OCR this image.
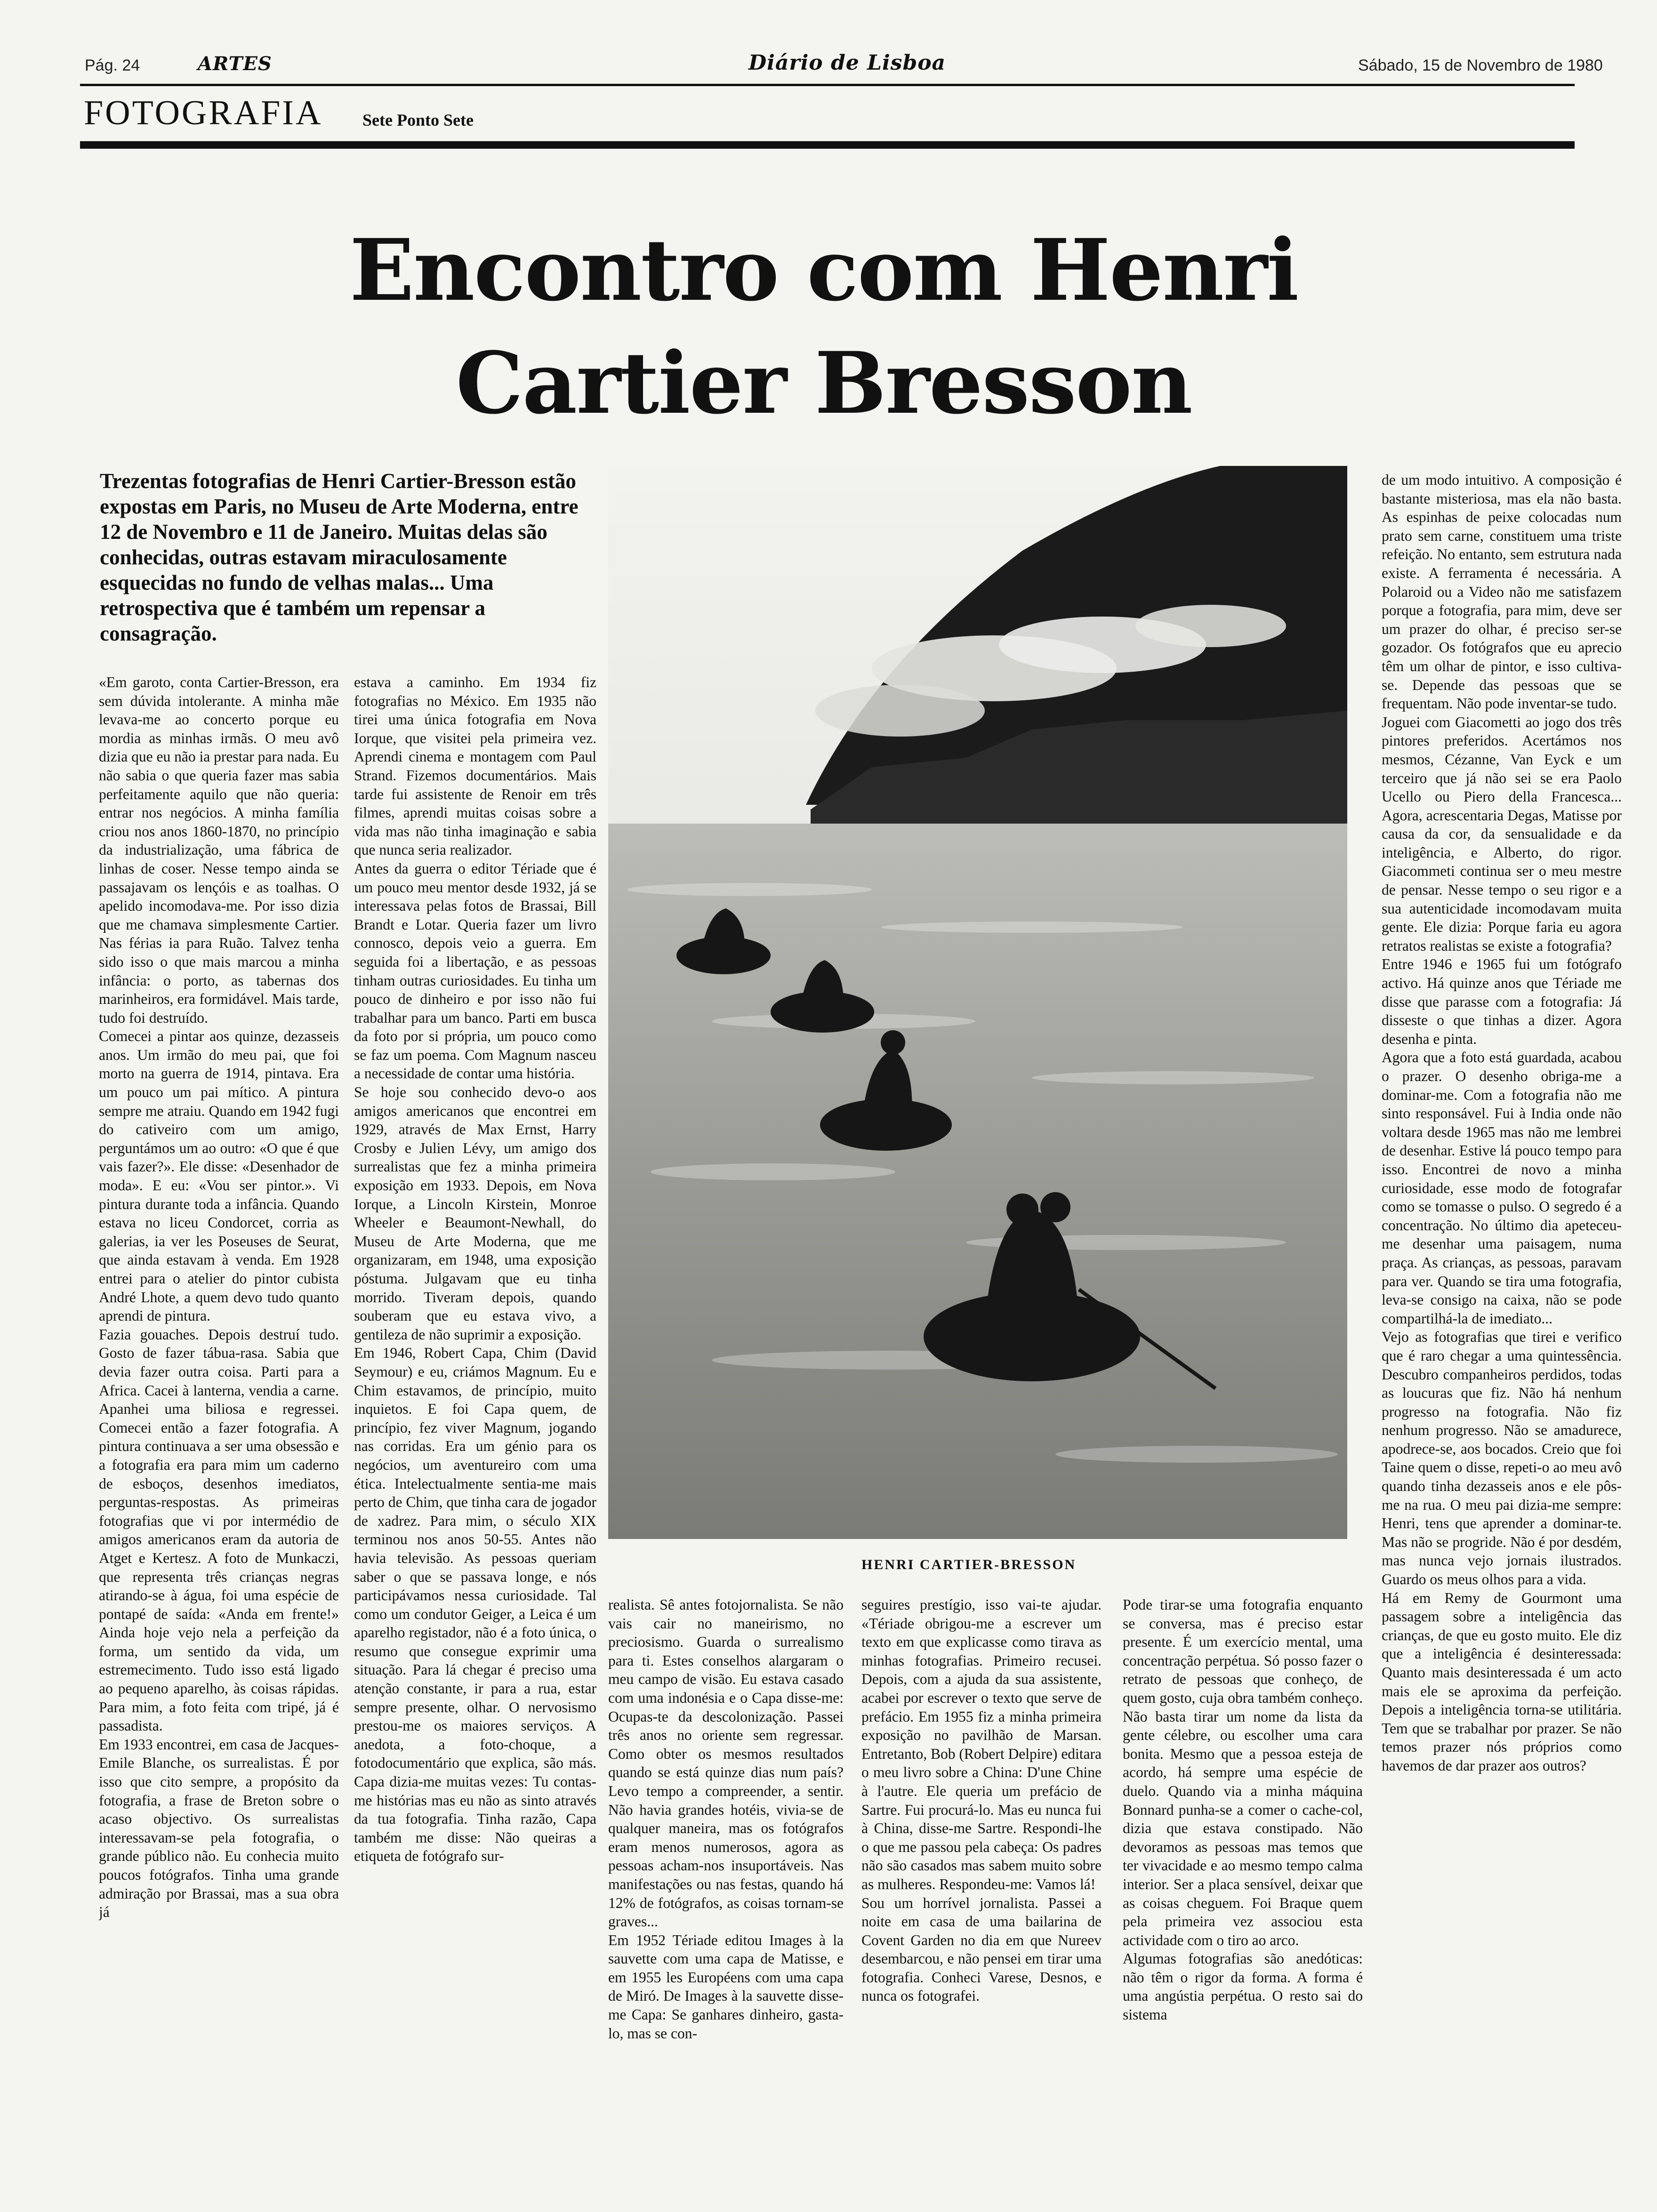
Pág. 24	ARTES	Diário de Lisboa	Sábado, 15 de Novembro de 1980
FOTOGRAFIA Sete Ponto Sete
Encontro com Henri
Cartier Bresson
Trezentas fotografias de Henri Cartier-Bresson estão expostas em Paris, no Museu de Arte Moderna, entre 12 de Novembro e 11 de Janeiro. Muitas delas são conhecidas, outras estavam miraculosamente esquecidas no fundo de velhas malas... Uma retrospectiva que é também um repensar a consagração.
HENRI CARTIER-BRESSON
«Em garoto, conta Cartier-Bresson, era sem dúvida intolerante. A minha mãe levava-me ao concerto porque eu mordia as minhas irmãs. O meu avô dizia que eu não ia prestar para nada. Eu não sabia o que queria fazer mas sabia perfeitamente aquilo que não queria: entrar nos negócios. A minha família criou nos anos 1860-1870, no princípio da industrialização, uma fábrica de linhas de coser. Nesse tempo ainda se passajavam os lençóis e as toalhas. O apelido incomodava-me. Por isso dizia que me chamava simplesmente Cartier. Nas férias ia para Ruão. Talvez tenha sido isso o que mais marcou a minha infância: o porto, as tabernas dos marinheiros, era formidável. Mais tarde, tudo foi destruído.
Comecei a pintar aos quinze, dezasseis anos. Um irmão do meu pai, que foi morto na guerra de 1914, pintava. Era um pouco um pai mítico. A pintura sempre me atraiu. Quando em 1942 fugi do cativeiro com um amigo, perguntámos um ao outro: «O que é que vais fazer?». Ele disse: «Desenhador de moda». E eu: «Vou ser pintor.». Vi pintura durante toda a infância. Quando estava no liceu Condorcet, corria as galerias, ia ver les Poseuses de Seurat, que ainda estavam à venda. Em 1928 entrei para o atelier do pintor cubista André Lhote, a quem devo tudo quanto aprendi de pintura.
Fazia gouaches. Depois destruí tudo. Gosto de fazer tábua-rasa. Sabia que devia fazer outra coisa. Parti para a Africa. Cacei à lanterna, vendia a carne. Apanhei uma biliosa e regressei. Comecei então a fazer fotografia. A pintura continuava a ser uma obsessão e a fotografia era para mim um caderno de esboços, desenhos imediatos, perguntas-respostas. As primeiras fotografias que vi por intermédio de amigos americanos eram da autoria de Atget e Kertesz. A foto de Munkaczi, que representa três crianças negras atirando-se à água, foi uma espécie de pontapé de saída: «Anda em frente!» Ainda hoje vejo nela a perfeição da forma, um sentido da vida, um estremecimento. Tudo isso está ligado ao pequeno aparelho, às coisas rápidas. Para mim, a foto feita com tripé, já é passadista.
Em 1933 encontrei, em casa de Jacques-Emile Blanche, os surrealistas. É por isso que cito sempre, a propósito da fotografia, a frase de Breton sobre o acaso objectivo. Os surrealistas interessavam-se pela fotografia, o grande público não. Eu conhecia muito poucos fotógrafos. Tinha uma grande admiração por Brassai, mas a sua obra já
estava a caminho. Em 1934 fiz fotografias no México. Em 1935 não tirei uma única fotografia em Nova Iorque, que visitei pela primeira vez. Aprendi cinema e montagem com Paul Strand. Fizemos documentários. Mais tarde fui assistente de Renoir em três filmes, aprendi muitas coisas sobre a vida mas não tinha imaginação e sabia que nunca seria realizador.
Antes da guerra o editor Tériade que é um pouco meu mentor desde 1932, já se interessava pelas fotos de Brassai, Bill Brandt e Lotar. Queria fazer um livro connosco, depois veio a guerra. Em seguida foi a libertação, e as pessoas tinham outras curiosidades. Eu tinha um pouco de dinheiro e por isso não fui trabalhar para um banco. Parti em busca da foto por si própria, um pouco como se faz um poema. Com Magnum nasceu a necessidade de contar uma história.
Se hoje sou conhecido devo-o aos amigos americanos que encontrei em 1929, através de Max Ernst, Harry Crosby e Julien Lévy, um amigo dos surrealistas que fez a minha primeira exposição em 1933. Depois, em Nova Iorque, a Lincoln Kirstein, Monroe Wheeler e Beaumont-Newhall, do Museu de Arte Moderna, que me organizaram, em 1948, uma exposição póstuma. Julgavam que eu tinha morrido. Tiveram depois, quando souberam que eu estava vivo, a gentileza de não suprimir a exposição.
Em 1946, Robert Capa, Chim (David Seymour) e eu, criámos Magnum. Eu e Chim estavamos, de princípio, muito inquietos. E foi Capa quem, de princípio, fez viver Magnum, jogando nas corridas. Era um génio para os negócios, um aventureiro com uma ética. Intelectualmente sentia-me mais perto de Chim, que tinha cara de jogador de xadrez. Para mim, o século XIX terminou nos anos 50-55. Antes não havia televisão. As pessoas queriam saber o que se passava longe, e nós participávamos nessa curiosidade. Tal como um condutor Geiger, a Leica é um aparelho registador, não é a foto única, o resumo que consegue exprimir uma situação. Para lá chegar é preciso uma atenção constante, ir para a rua, estar sempre presente, olhar. O nervosismo prestou-me os maiores serviços. A anedota, a foto-choque, a fotodocumentário que explica, são más. Capa dizia-me muitas vezes: Tu contas-me histórias mas eu não as sinto através da tua fotografia. Tinha razão, Capa também me disse: Não queiras a etiqueta de fotógrafo sur-
realista. Sê antes fotojornalista. Se não vais cair no maneirismo, no preciosismo. Guarda o surrealismo para ti. Estes conselhos alargaram o meu campo de visão. Eu estava casado com uma indonésia e o Capa disse-me: Ocupas-te da descolonização. Passei três anos no oriente sem regressar. Como obter os mesmos resultados quando se está quinze dias num país? Levo tempo a compreender, a sentir. Não havia grandes hotéis, vivia-se de qualquer maneira, mas os fotógrafos eram menos numerosos, agora as pessoas acham-nos insuportáveis. Nas manifestações ou nas festas, quando há 12% de fotógrafos, as coisas tornam-se graves...
Em 1952 Tériade editou Images à la sauvette com uma capa de Matisse, e em 1955 les Européens com uma capa de Miró. De Images à la sauvette disse-me Capa: Se ganhares dinheiro, gasta-lo, mas se con-
seguires prestígio, isso vai-te ajudar. «Tériade obrigou-me a escrever um texto em que explicasse como tirava as minhas fotografias. Primeiro recusei. Depois, com a ajuda da sua assistente, acabei por escrever o texto que serve de prefácio. Em 1955 fiz a minha primeira exposição no pavilhão de Marsan. Entretanto, Bob (Robert Delpire) editara o meu livro sobre a China: D'une Chine à l'autre. Ele queria um prefácio de Sartre. Fui procurá-lo. Mas eu nunca fui à China, disse-me Sartre. Respondi-lhe o que me passou pela cabeça: Os padres não são casados mas sabem muito sobre as mulheres. Respondeu-me: Vamos lá!
Sou um horrível jornalista. Passei a noite em casa de uma bailarina de Covent Garden no dia em que Nureev desembarcou, e não pensei em tirar uma fotografia. Conheci Varese, Desnos, e nunca os fotografei.
Pode tirar-se uma fotografia enquanto se conversa, mas é preciso estar presente. É um exercício mental, uma concentração perpétua. Só posso fazer o retrato de pessoas que conheço, de quem gosto, cuja obra também conheço. Não basta tirar um nome da lista da gente célebre, ou escolher uma cara bonita. Mesmo que a pessoa esteja de acordo, há sempre uma espécie de duelo. Quando via a minha máquina Bonnard punha-se a comer o cache-col, dizia que estava constipado. Não devoramos as pessoas mas temos que ter vivacidade e ao mesmo tempo calma interior. Ser a placa sensível, deixar que as coisas cheguem. Foi Braque quem pela primeira vez associou esta actividade com o tiro ao arco.
Algumas fotografias são anedóticas: não têm o rigor da forma. A forma é uma angústia perpétua. O resto sai do sistema
de um modo intuitivo. A composição é bastante misteriosa, mas ela não basta. As espinhas de peixe colocadas num prato sem carne, constituem uma triste refeição. No entanto, sem estrutura nada existe. A ferramenta é necessária. A Polaroid ou a Video não me satisfazem porque a fotografia, para mim, deve ser um prazer do olhar, é preciso ser-se gozador. Os fotógrafos que eu aprecio têm um olhar de pintor, e isso cultiva-se. Depende das pessoas que se frequentam. Não pode inventar-se tudo.
Joguei com Giacometti ao jogo dos três pintores preferidos. Acertámos nos mesmos, Cézanne, Van Eyck e um terceiro que já não sei se era Paolo Ucello ou Piero della Francesca... Agora, acrescentaria Degas, Matisse por causa da cor, da sensualidade e da inteligência, e Alberto, do rigor. Giacommeti continua ser o meu mestre de pensar. Nesse tempo o seu rigor e a sua autenticidade incomodavam muita gente. Ele dizia: Porque faria eu agora retratos realistas se existe a fotografia?
Entre 1946 e 1965 fui um fotógrafo activo. Há quinze anos que Tériade me disse que parasse com a fotografia: Já disseste o que tinhas a dizer. Agora desenha e pinta.
Agora que a foto está guardada, acabou o prazer. O desenho obriga-me a dominar-me. Com a fotografia não me sinto responsável. Fui à India onde não voltara desde 1965 mas não me lembrei de desenhar. Estive lá pouco tempo para isso. Encontrei de novo a minha curiosidade, esse modo de fotografar como se tomasse o pulso. O segredo é a concentração. No último dia apeteceu-me desenhar uma paisagem, numa praça. As crianças, as pessoas, paravam para ver. Quando se tira uma fotografia, leva-se consigo na caixa, não se pode compartilhá-la de imediato...
Vejo as fotografias que tirei e verifico que é raro chegar a uma quintessência. Descubro companheiros perdidos, todas as loucuras que fiz. Não há nenhum progresso na fotografia. Não fiz nenhum progresso. Não se amadurece, apodrece-se, aos bocados. Creio que foi Taine quem o disse, repeti-o ao meu avô quando tinha dezasseis anos e ele pôs-me na rua. O meu pai dizia-me sempre: Henri, tens que aprender a dominar-te. Mas não se progride. Não é por desdém, mas nunca vejo jornais ilustrados. Guardo os meus olhos para a vida.
Há em Remy de Gourmont uma passagem sobre a inteligência das crianças, de que eu gosto muito. Ele diz que a inteligência é desinteressada: Quanto mais desinteressada é um acto mais ele se aproxima da perfeição. Depois a inteligência torna-se utilitária. Tem que se trabalhar por prazer. Se não temos prazer nós próprios como havemos de dar prazer aos outros?
